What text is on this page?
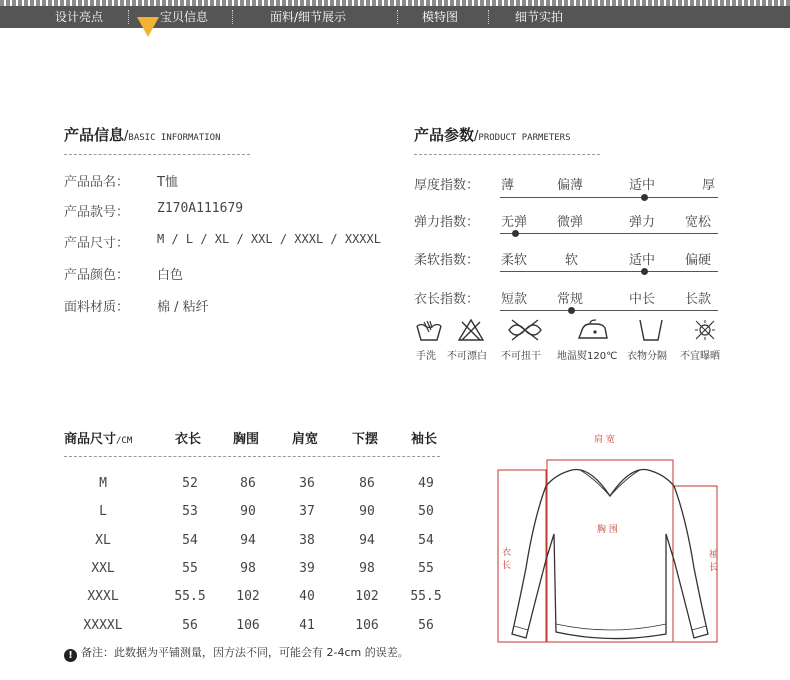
设计亮点	宝贝信息	面料/细节展示	模特图	细节实拍
产品信息/BASIC INFORMATION
产品品名： T恤
产品款号： Z170A111679
产品尺寸： M / L / XL / XXL / XXXL / XXXXL
产品颜色： 白色
面料材质： 棉 / 粘纤
产品参数/PRODUCT PARMETERS
厚度指数： 薄	偏薄	适中	厚
弹力指数： 无弹 微弹	弹力 宽松
柔软指数： 柔软	软	适中 偏硬
衣长指数： 短款 常规	中长 长款
手洗 不可漂白 不可扭干 地温熨120℃ 衣物分隔 不宜曝晒
商品尺寸/CM	衣长 胸围	肩宽	下摆	袖长
M	52	86	36	86	49
L	53	90	37	90	50
XL	54	94	38	94	54
XXL	55	98	39	98	55
XXXL	55.5	102	40	102	55.5
XXXXL	56	106	41	106	56
! 备注：此数据为平铺测量，因方法不同，可能会有 2-4cm 的误差。
肩 宽
胸 围
衣
长
袖
长
